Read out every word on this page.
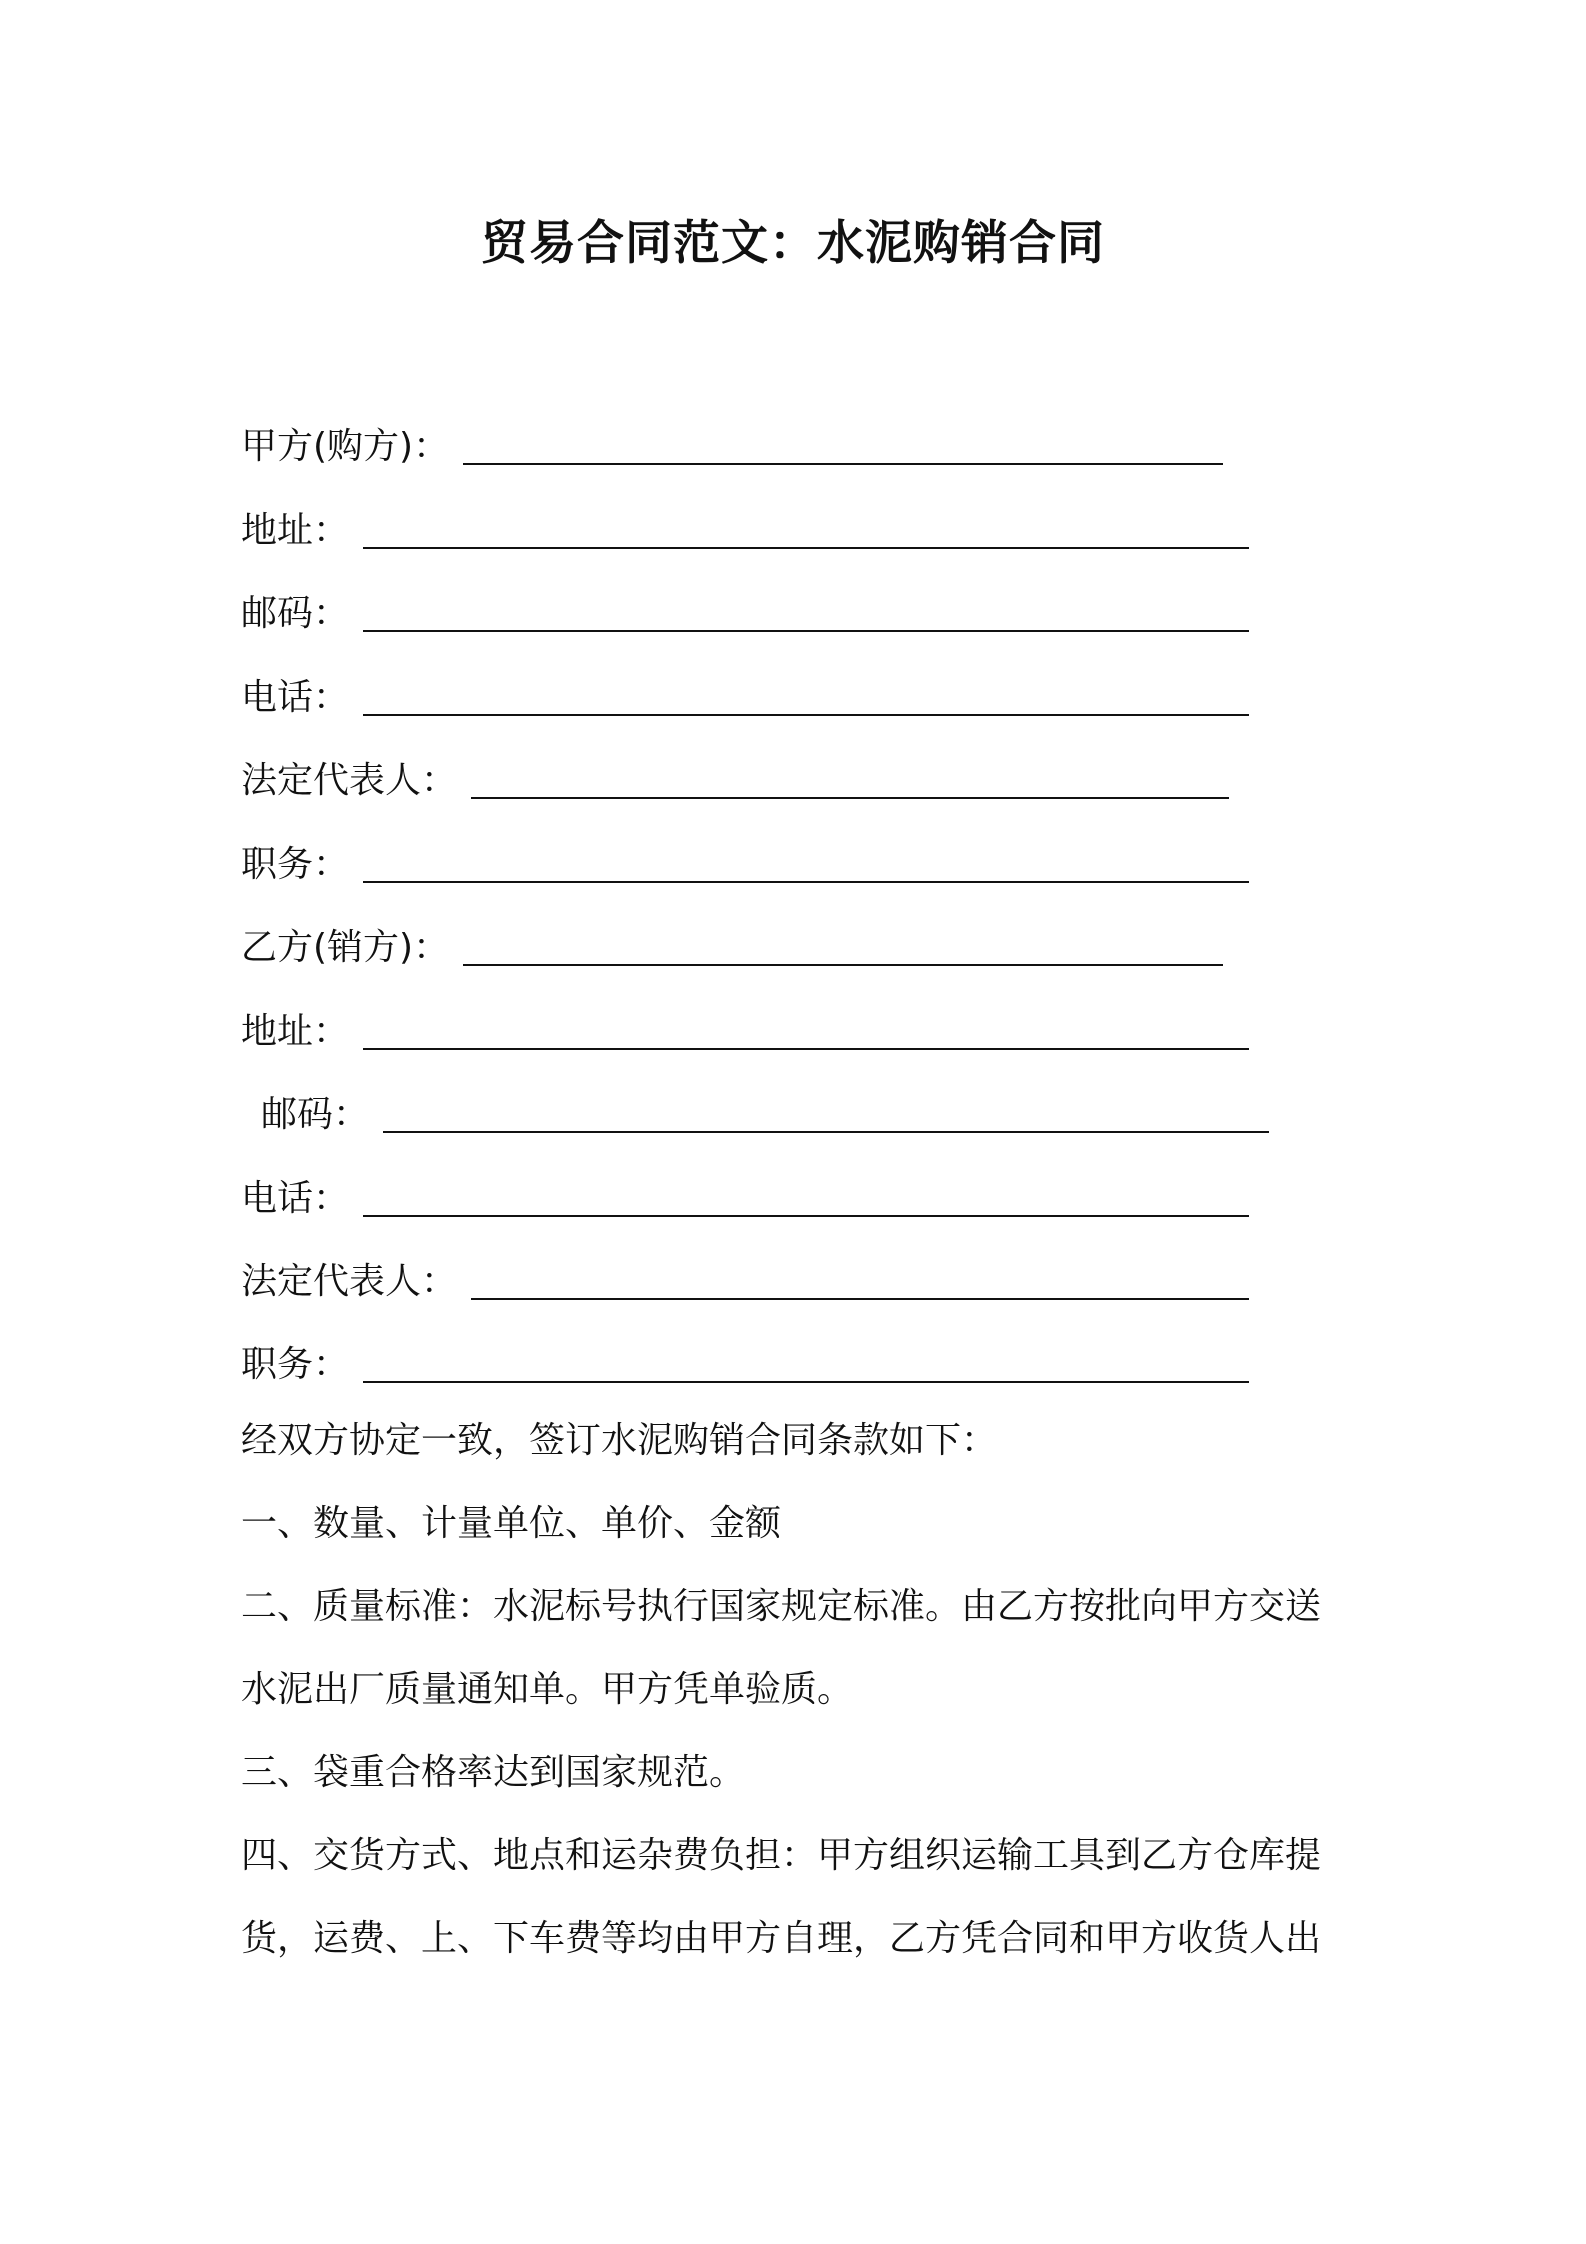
贸易合同范文：水泥购销合同
甲方(购方)：
地址：
邮码：
电话：
法定代表人：
职务：
乙方(销方)：
地址：
邮码：
电话：
法定代表人：
职务：
经双方协定一致，签订水泥购销合同条款如下：
一、数量、计量单位、单价、金额
二、质量标准：水泥标号执行国家规定标准。由乙方按批向甲方交送
水泥出厂质量通知单。甲方凭单验质。
三、袋重合格率达到国家规范。
四、交货方式、地点和运杂费负担：甲方组织运输工具到乙方仓库提
货，运费、上、下车费等均由甲方自理，乙方凭合同和甲方收货人出
